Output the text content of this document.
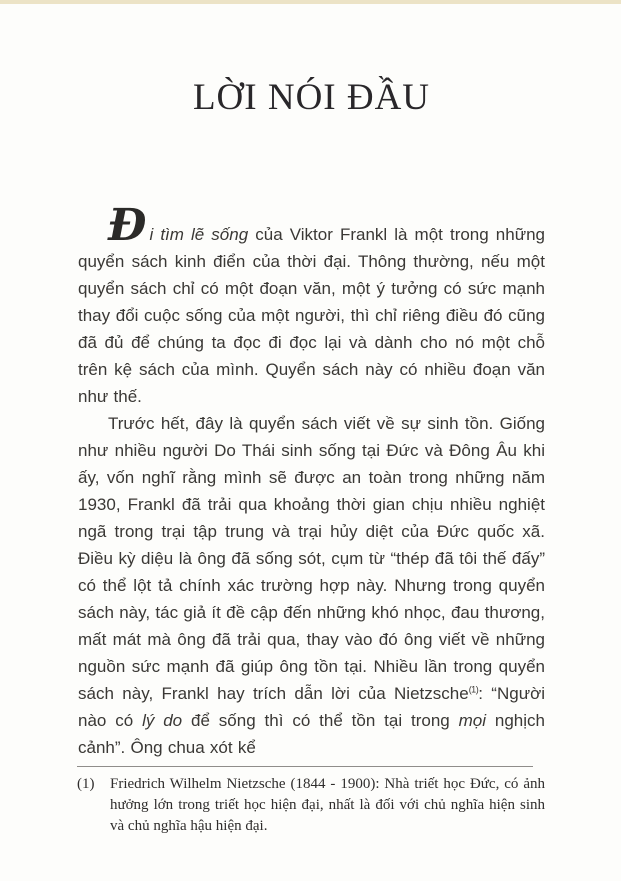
LỜI NÓI ĐẦU

Đi tìm lẽ sống của Viktor Frankl là một trong những quyển sách kinh điển của thời đại. Thông thường, nếu một quyển sách chỉ có một đoạn văn, một ý tưởng có sức mạnh thay đổi cuộc sống của một người, thì chỉ riêng điều đó cũng đã đủ để chúng ta đọc đi đọc lại và dành cho nó một chỗ trên kệ sách của mình. Quyển sách này có nhiều đoạn văn như thế.

Trước hết, đây là quyển sách viết về sự sinh tồn. Giống như nhiều người Do Thái sinh sống tại Đức và Đông Âu khi ấy, vốn nghĩ rằng mình sẽ được an toàn trong những năm 1930, Frankl đã trải qua khoảng thời gian chịu nhiều nghiệt ngã trong trại tập trung và trại hủy diệt của Đức quốc xã. Điều kỳ diệu là ông đã sống sót, cụm từ “thép đã tôi thế đấy” có thể lột tả chính xác trường hợp này. Nhưng trong quyển sách này, tác giả ít đề cập đến những khó nhọc, đau thương, mất mát mà ông đã trải qua, thay vào đó ông viết về những nguồn sức mạnh đã giúp ông tồn tại. Nhiều lần trong quyển sách này, Frankl hay trích dẫn lời của Nietzsche$^{(1)}$: “Người nào có lý do để sống thì có thể tồn tại trong mọi nghịch cảnh”. Ông chua xót kể

(1)	Friedrich Wilhelm Nietzsche (1844 - 1900): Nhà triết học Đức, có ảnh hưởng lớn trong triết học hiện đại, nhất là đối với chủ nghĩa hiện sinh và chủ nghĩa hậu hiện đại.
